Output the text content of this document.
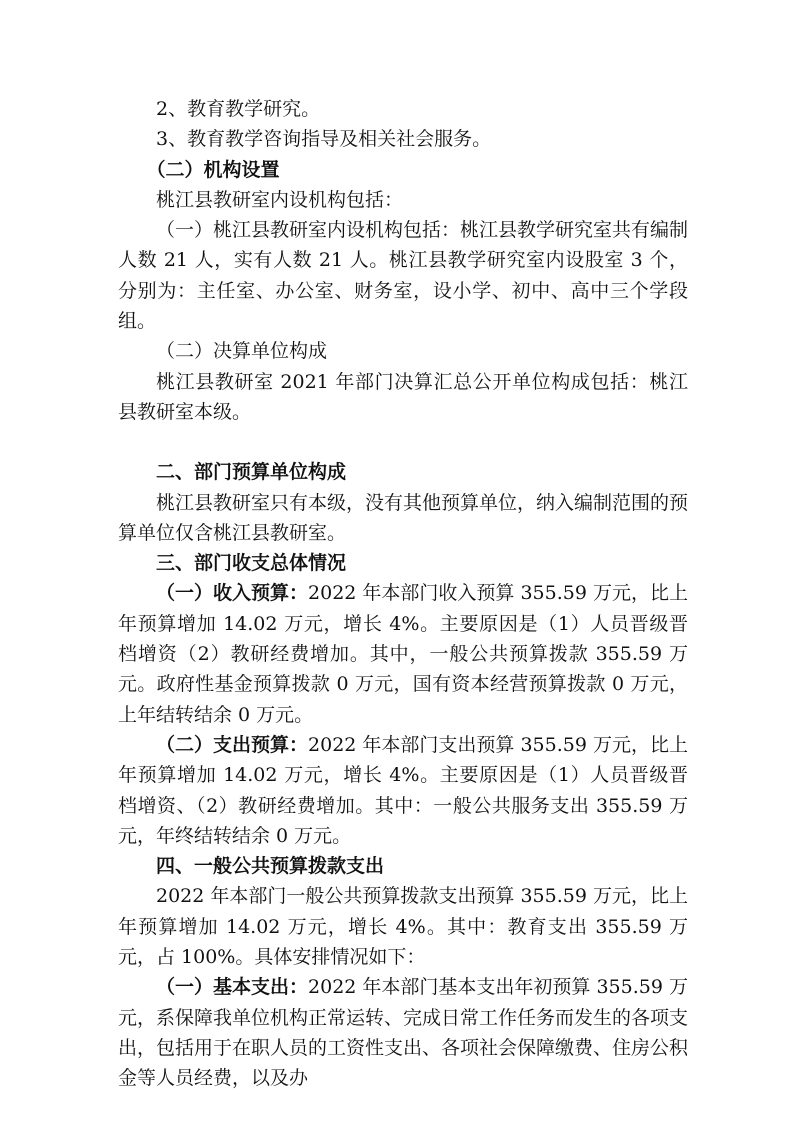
2、教育教学研究。

3、教育教学咨询指导及相关社会服务。

（二）机构设置

桃江县教研室内设机构包括：

（一）桃江县教研室内设机构包括：桃江县教学研究室共有编制人数 21 人，实有人数 21 人。桃江县教学研究室内设股室 3 个，分别为：主任室、办公室、财务室，设小学、初中、高中三个学段组。

（二）决算单位构成

桃江县教研室 2021 年部门决算汇总公开单位构成包括：桃江县教研室本级。

二、部门预算单位构成

桃江县教研室只有本级，没有其他预算单位，纳入编制范围的预算单位仅含桃江县教研室。

三、部门收支总体情况

（一）收入预算：2022 年本部门收入预算 355.59 万元，比上年预算增加 14.02 万元，增长 4%。主要原因是（1）人员晋级晋档增资（2）教研经费增加。其中，一般公共预算拨款 355.59 万元。政府性基金预算拨款 0 万元，国有资本经营预算拨款 0 万元，上年结转结余 0 万元。

（二）支出预算：2022 年本部门支出预算 355.59 万元，比上年预算增加 14.02 万元，增长 4%。主要原因是（1）人员晋级晋档增资、（2）教研经费增加。其中：一般公共服务支出 355.59 万元，年终结转结余 0 万元。

四、一般公共预算拨款支出

2022 年本部门一般公共预算拨款支出预算 355.59 万元，比上年预算增加 14.02 万元，增长 4%。其中：教育支出 355.59 万元，占 100%。具体安排情况如下：

（一）基本支出：2022 年本部门基本支出年初预算 355.59 万元，系保障我单位机构正常运转、完成日常工作任务而发生的各项支出，包括用于在职人员的工资性支出、各项社会保障缴费、住房公积金等人员经费，以及办
